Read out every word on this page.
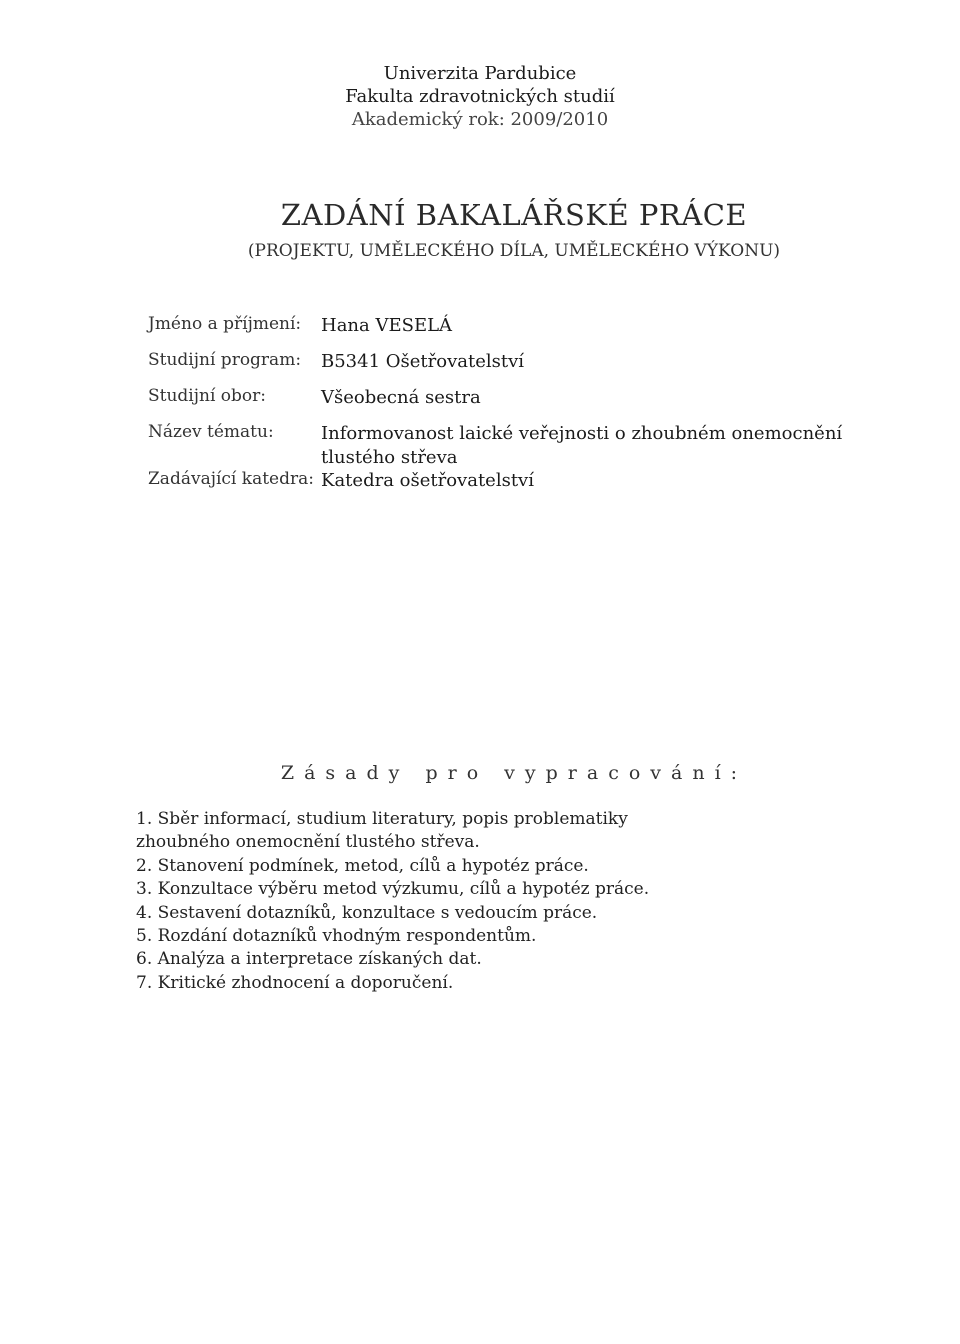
Univerzita Pardubice
Fakulta zdravotnických studií
Akademický rok: 2009/2010
ZADÁNÍ BAKALÁŘSKÉ PRÁCE
(PROJEKTU, UMĚLECKÉHO DÍLA, UMĚLECKÉHO VÝKONU)
Jméno a příjmení: Hana VESELÁ
Studijní program: B5341 Ošetřovatelství
Studijní obor:	Všeobecná sestra
Název tématu:	Informovanost laické veřejnosti o zhoubném onemocnění tlustého střeva
Zadávající katedra: Katedra ošetřovatelství
Zásady pro vypracování:

1. Sběr informací, studium literatury, popis problematiky

zhoubného onemocnění tlustého střeva.

2. Stanovení podmínek, metod, cílů a hypotéz práce.

3. Konzultace výběru metod výzkumu, cílů a hypotéz práce.

4. Sestavení dotazníků, konzultace s vedoucím práce.

5. Rozdání dotazníků vhodným respondentům.

6. Analýza a interpretace získaných dat.

7. Kritické zhodnocení a doporučení.
